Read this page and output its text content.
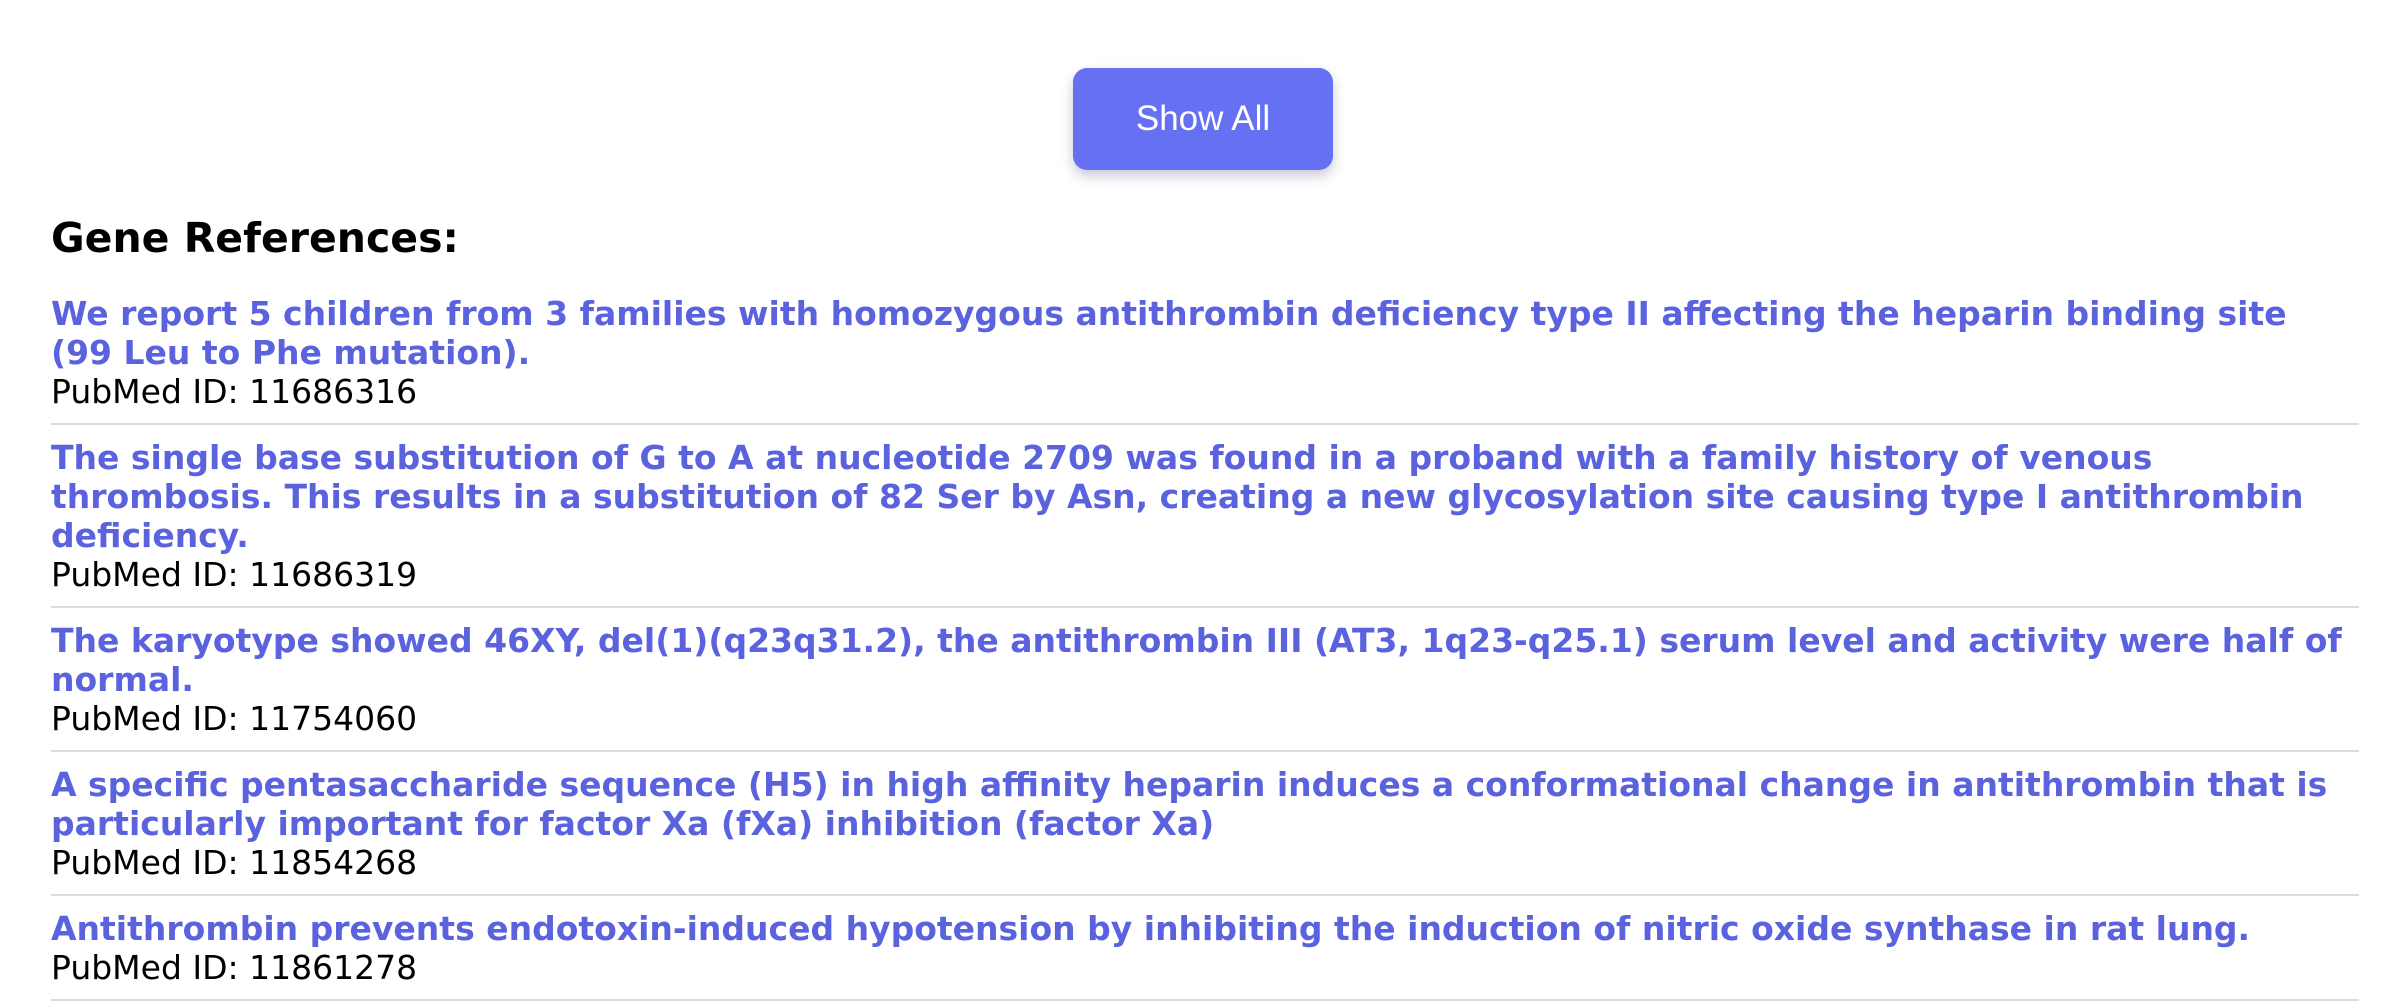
Show All
Gene References:
We report 5 children from 3 families with homozygous antithrombin deficiency type II affecting the heparin binding site (99 Leu to Phe mutation).
PubMed ID: 11686316
The single base substitution of G to A at nucleotide 2709 was found in a proband with a family history of venous thrombosis. This results in a substitution of 82 Ser by Asn, creating a new glycosylation site causing type I antithrombin deficiency.
PubMed ID: 11686319
The karyotype showed 46XY, del(1)(q23q31.2), the antithrombin III (AT3, 1q23-q25.1) serum level and activity were half of normal.
PubMed ID: 11754060
A specific pentasaccharide sequence (H5) in high affinity heparin induces a conformational change in antithrombin that is particularly important for factor Xa (fXa) inhibition (factor Xa)
PubMed ID: 11854268
Antithrombin prevents endotoxin-induced hypotension by inhibiting the induction of nitric oxide synthase in rat lung.
PubMed ID: 11861278
